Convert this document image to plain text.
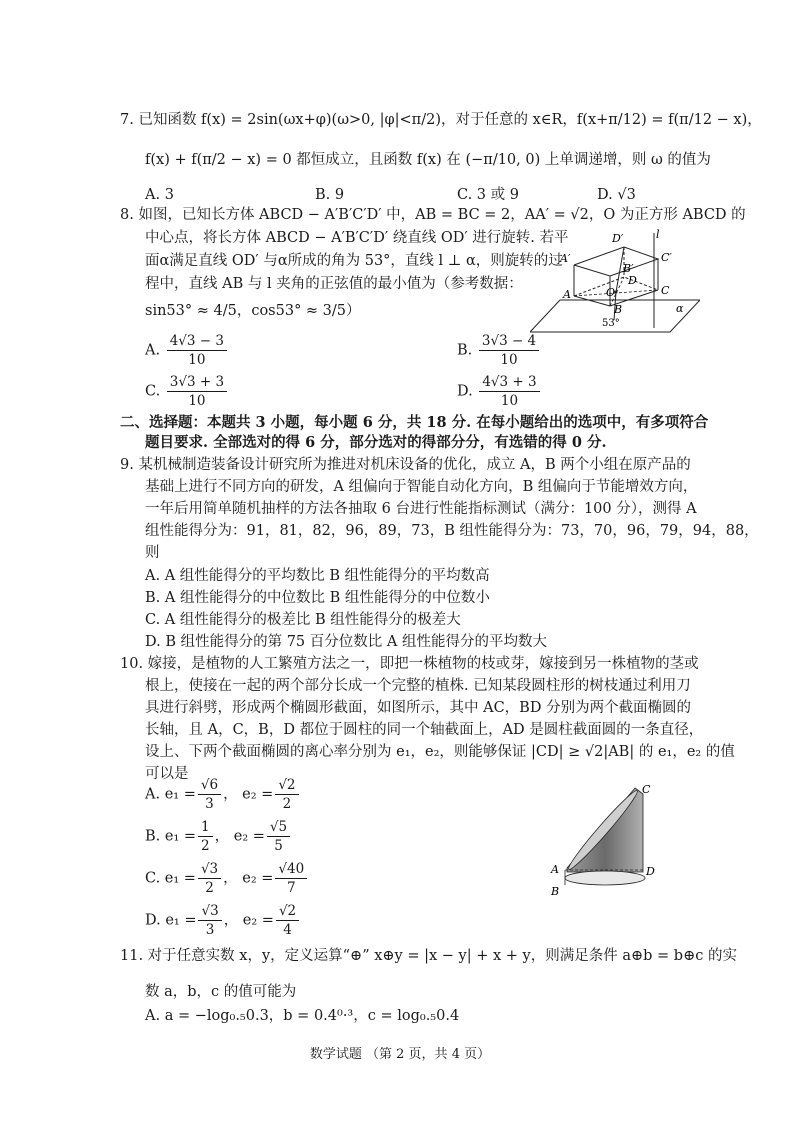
7. 已知函数 f(x) = 2sin(ωx+φ)(ω>0, |φ|<π/2)，对于任意的 x∈R，f(x+π/12) = f(π/12 − x)，
f(x) + f(π/2 − x) = 0 都恒成立，且函数 f(x) 在 (−π/10, 0) 上单调递增，则 ω 的值为
A. 3	B. 9	C. 3 或 9	D. √3
8. 如图，已知长方体 ABCD − A′B′C′D′ 中，AB = BC = 2，AA′ = √2，O 为正方形 ABCD 的
中心点，将长方体 ABCD − A′B′C′D′ 绕直线 OD′ 进行旋转. 若平
面α满足直线 OD′ 与α所成的角为 53°，直线 l ⊥ α，则旋转的过
程中，直线 AB 与 l 夹角的正弦值的最小值为（参考数据：
sin53° ≈ 4/5，cos53° ≈ 3/5）
A. $\frac{4√3 - 3}{10}$	B. $\frac{3√3 - 4}{10}$
C. $\frac{3√3 + 3}{10}$	D. $\frac{4√3 + 3}{10}$
D′	l
A′	C′
B′
D
O
A	C
B
53°
α
二、选择题：本题共 3 小题，每小题 6 分，共 18 分. 在每小题给出的选项中，有多项符合
题目要求. 全部选对的得 6 分，部分选对的得部分分，有选错的得 0 分.
9. 某机械制造装备设计研究所为推进对机床设备的优化，成立 A，B 两个小组在原产品的
基础上进行不同方向的研发，A 组偏向于智能自动化方向，B 组偏向于节能增效方向，
一年后用简单随机抽样的方法各抽取 6 台进行性能指标测试（满分：100 分），测得 A
组性能得分为：91，81，82，96，89，73，B 组性能得分为：73，70，96，79，94，88，
则
A. A 组性能得分的平均数比 B 组性能得分的平均数高
B. A 组性能得分的中位数比 B 组性能得分的中位数小
C. A 组性能得分的极差比 B 组性能得分的极差大
D. B 组性能得分的第 75 百分位数比 A 组性能得分的平均数大
10. 嫁接，是植物的人工繁殖方法之一，即把一株植物的枝或芽，嫁接到另一株植物的茎或
根上，使接在一起的两个部分长成一个完整的植株. 已知某段圆柱形的树枝通过利用刀
具进行斜劈，形成两个椭圆形截面，如图所示，其中 AC，BD 分别为两个截面椭圆的
长轴，且 A，C，B，D 都位于圆柱的同一个轴截面上，AD 是圆柱截面圆的一条直径，
设上、下两个截面椭圆的离心率分别为 e₁，e₂，则能够保证 |CD| ≥ √2|AB| 的 e₁，e₂ 的值
可以是
A. $e_1 = \frac{√6}{3}$ ， $e_2 = \frac{√2}{2}$
B. $e_1 = \frac{1}{2}$ ， $e_2 = \frac{√5}{5}$
C. $e_1 = \frac{√3}{2}$ ， $e_2 = \frac{√40}{7}$
D. $e_1 = \frac{√3}{3}$ ， $e_2 = \frac{√2}{4}$
C
A	D
B
11. 对于任意实数 x，y，定义运算“⊕” x⊕y = |x − y| + x + y，则满足条件 a⊕b = b⊕c 的实
数 a，b，c 的值可能为
A. a = −log₀.₅0.3，b = 0.4⁰·³，c = log₀.₅0.4
数学试题 （第 2 页，共 4 页）
